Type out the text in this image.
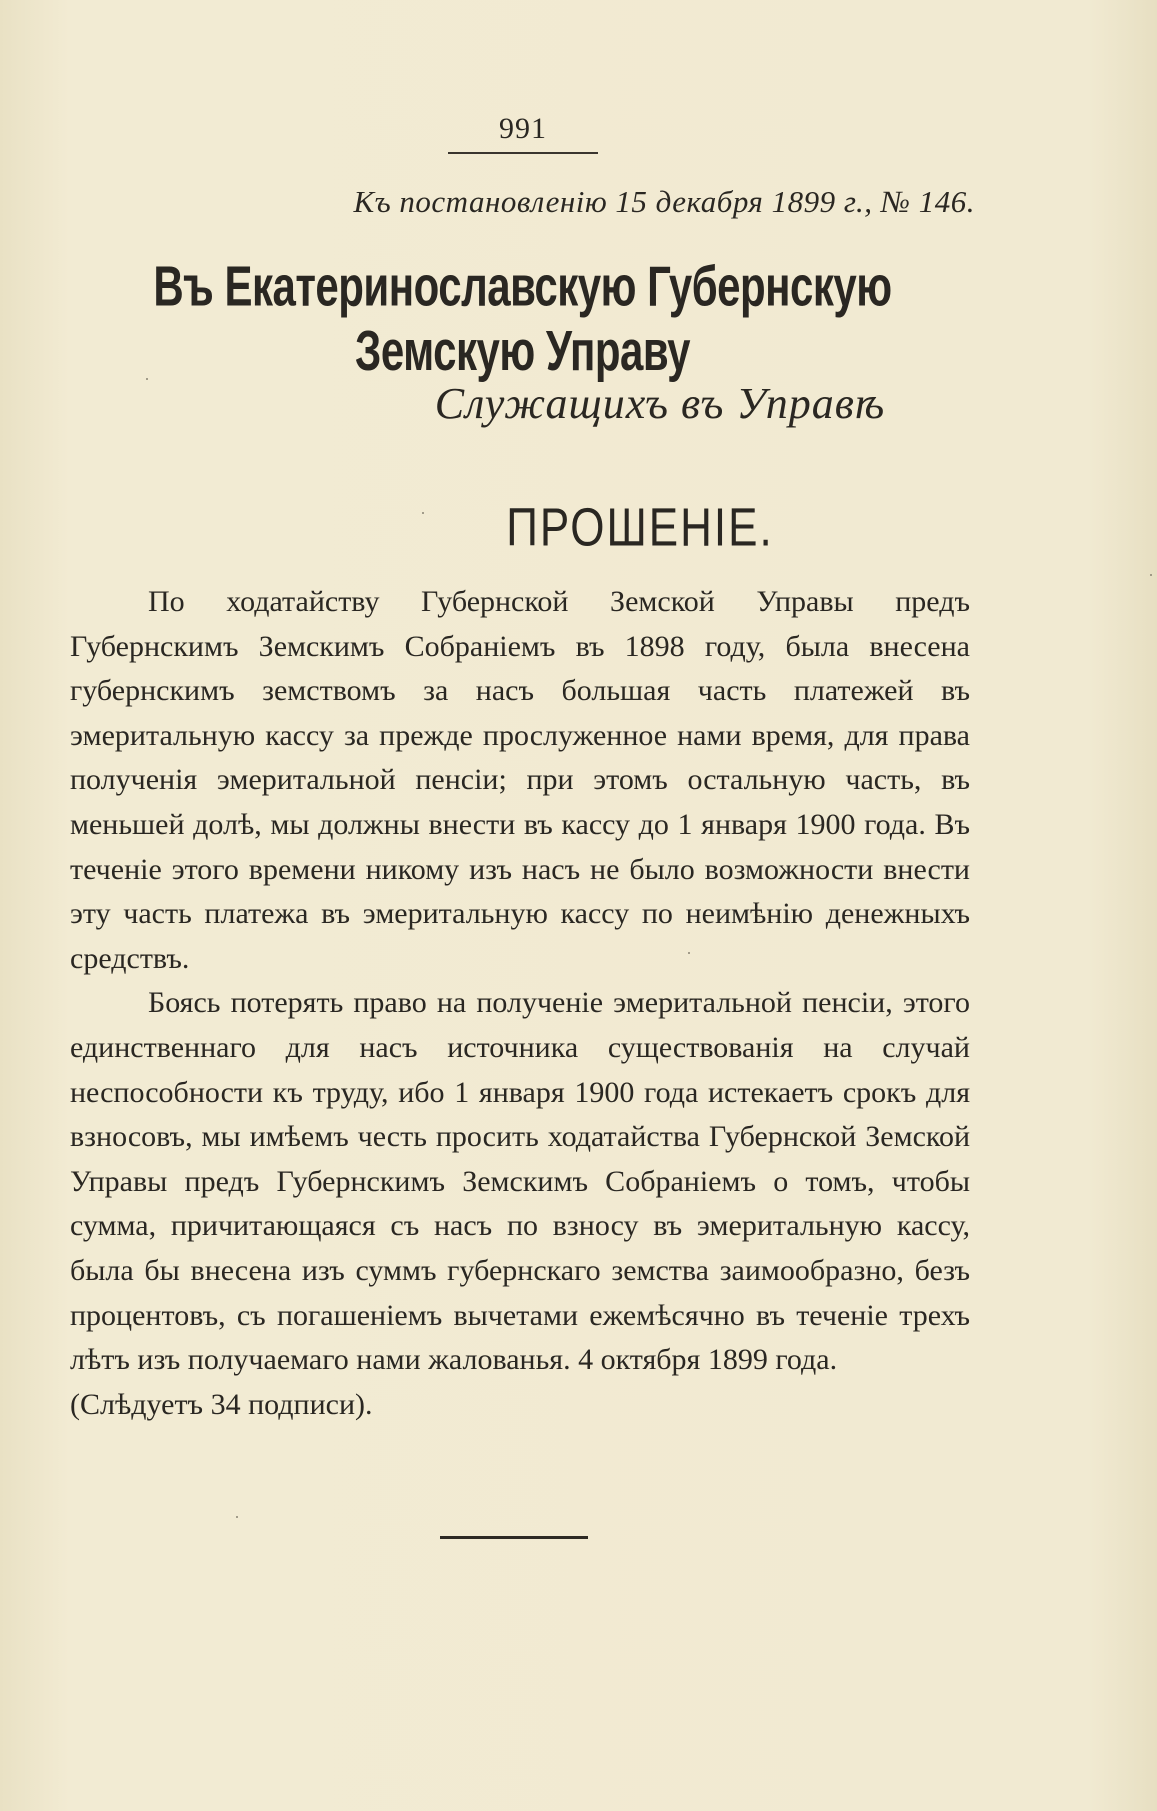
991
Къ постановленію 15 декабря 1899 г., № 146.
Въ Екатеринославскую Губернскую Земскую Управу
Служащихъ въ Управѣ
ПРОШЕНІЕ.

По ходатайству Губернской Земской Управы предъ Губернскимъ Земскимъ Собраніемъ въ 1898 году, была внесена губернскимъ земствомъ за насъ большая часть платежей въ эмеритальную кассу за прежде прослуженное нами время, для права полученія эмеритальной пенсіи; при этомъ остальную часть, въ меньшей долѣ, мы должны внести въ кассу до 1 января 1900 года. Въ теченіе этого времени никому изъ насъ не было возможности внести эту часть платежа въ эмеритальную кассу по неимѣнію денежныхъ средствъ.

Боясь потерять право на полученіе эмеритальной пенсіи, этого единственнаго для насъ источника существованія на случай неспособности къ труду, ибо 1 января 1900 года истекаетъ срокъ для взносовъ, мы имѣемъ честь просить ходатайства Губернской Земской Управы предъ Губернскимъ Земскимъ Собраніемъ о томъ, чтобы сумма, причитающаяся съ насъ по взносу въ эмеритальную кассу, была бы внесена изъ суммъ губернскаго земства заимообразно, безъ процентовъ, съ погашеніемъ вычетами ежемѣсячно въ теченіе трехъ лѣтъ изъ получаемаго нами жалованья. 4 октября 1899 года.

(Слѣдуетъ 34 подписи).
